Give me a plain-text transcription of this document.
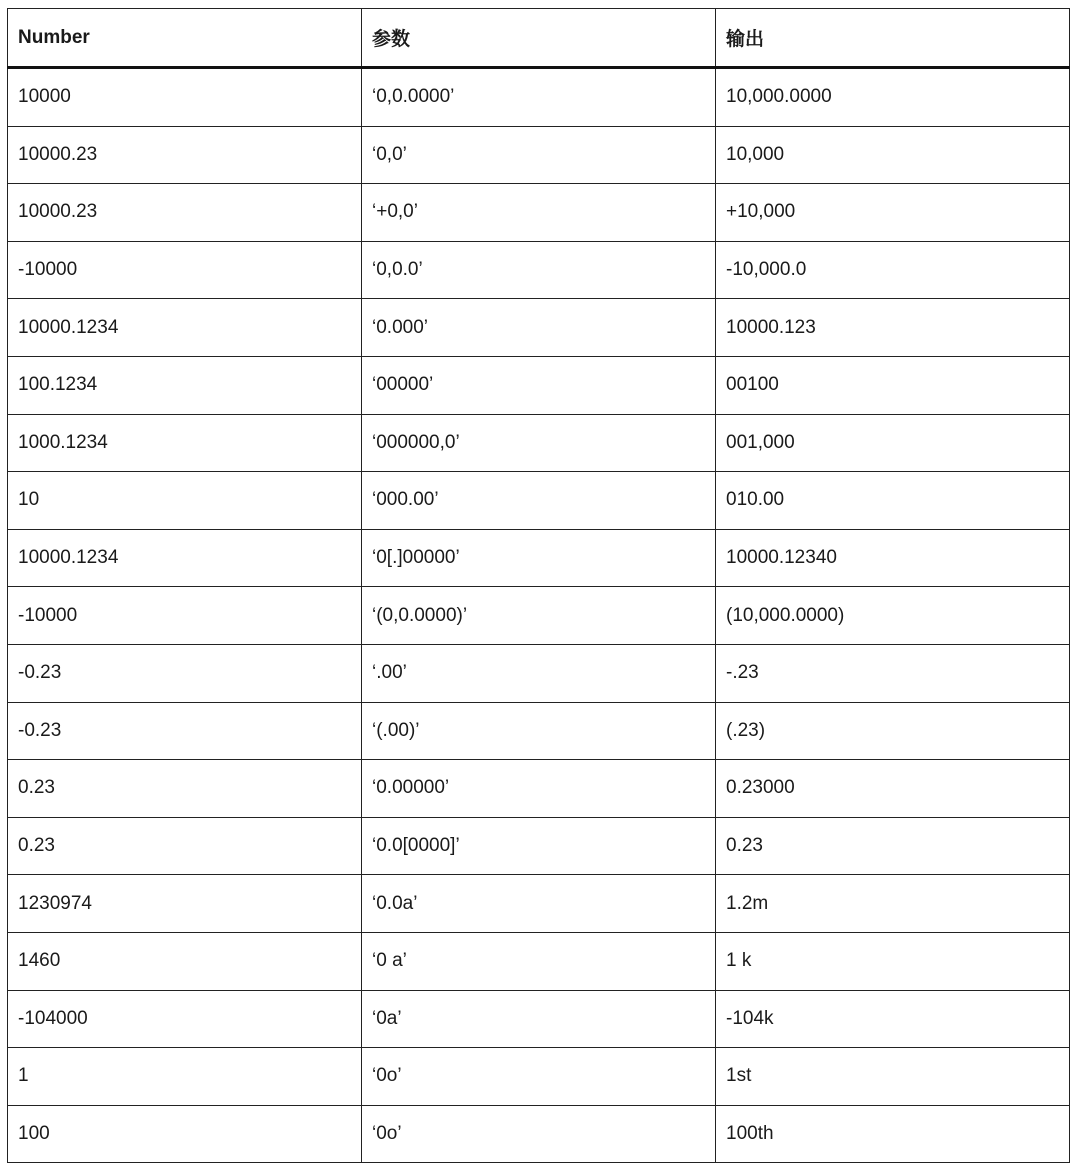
Number	参数	输出
10000	‘0,0.0000’	10,000.0000
10000.23	‘0,0’	10,000
10000.23	‘+0,0’	+10,000
-10000	‘0,0.0’	-10,000.0
10000.1234	‘0.000’	10000.123
100.1234	‘00000’	00100
1000.1234	‘000000,0’	001,000
10	‘000.00’	010.00
10000.1234	‘0[.]00000’	10000.12340
-10000	‘(0,0.0000)’	(10,000.0000)
-0.23	‘.00’	-.23
-0.23	‘(.00)’	(.23)
0.23	‘0.00000’	0.23000
0.23	‘0.0[0000]’	0.23
1230974	‘0.0a’	1.2m
1460	‘0 a’	1 k
-104000	‘0a’	-104k
1	‘0o’	1st
100	‘0o’	100th
